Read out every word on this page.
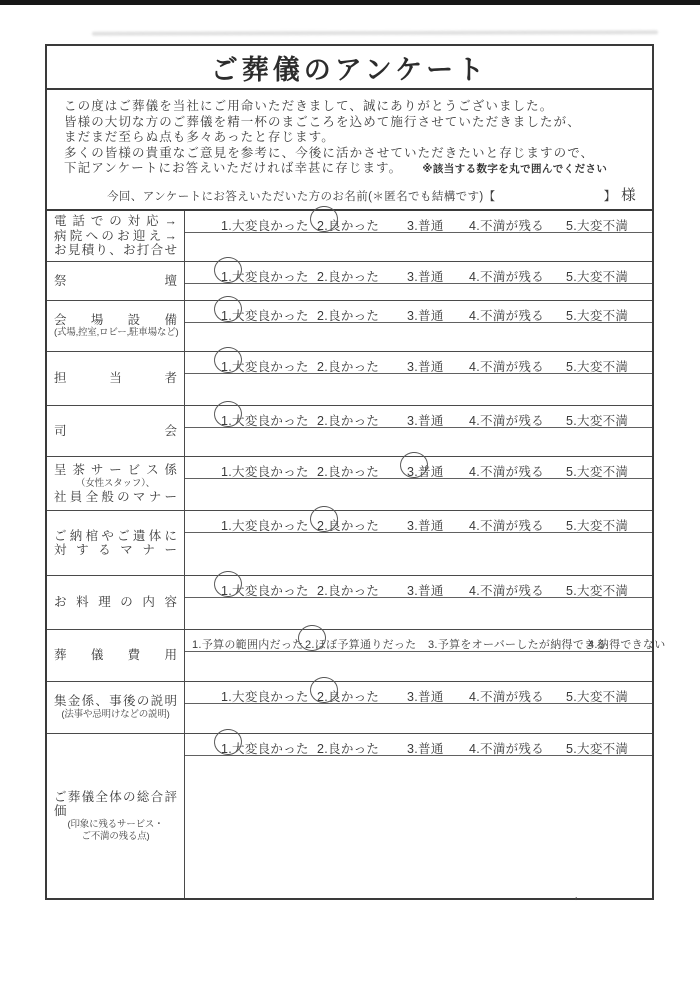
ご葬儀のアンケート
この度はご葬儀を当社にご用命いただきまして、誠にありがとうございました。
皆様の大切な方のご葬儀を精一杯のまごころを込めて施行させていただきましたが、
まだまだ至らぬ点も多々あったと存じます。
多くの皆様の貴重なご意見を参考に、今後に活かさせていただきたいと存じますので、
下記アンケートにお答えいただければ幸甚に存じます。 ※該当する数字を丸で囲んでください
今回、アンケートにお答えいただいた方のお名前(＊匿名でも結構です)【	】 様
電話での対応→
病院へのお迎え→
お見積り、お打合せ
1.大変良かった 2.良かった 3.普通 4.不満が残る 5.大変不満
祭壇	1.大変良かった 2.良かった 3.普通 4.不満が残る 5.大変不満
会場設備
(式場,控室,ロビー,駐車場など)
1.大変良かった 2.良かった 3.普通 4.不満が残る 5.大変不満
担当者
1.大変良かった 2.良かった 3.普通 4.不満が残る 5.大変不満
司会
1.大変良かった 2.良かった 3.普通 4.不満が残る 5.大変不満
呈茶サービス係
（女性スタッフ）、
社員全般のマナー
1.大変良かった 2.良かった 3.普通 4.不満が残る 5.大変不満
ご納棺やご遺体に
対するマナー
1.大変良かった 2.良かった 3.普通 4.不満が残る 5.大変不満
お料理の内容
1.大変良かった 2.良かった 3.普通 4.不満が残る 5.大変不満
葬儀費用
1.予算の範囲内だった 2.ほぼ予算通りだった 3.予算をオーバーしたが納得できる
4.納得できない
集金係、事後の説明
(法事や忌明けなどの説明)
1.大変良かった 2.良かった 3.普通 4.不満が残る 5.大変不満
ご葬儀全体の総合評価
(印象に残るサービス・
ご不満の残る点)
1.大変良かった 2.良かった 3.普通 4.不満が残る 5.大変不満
'
